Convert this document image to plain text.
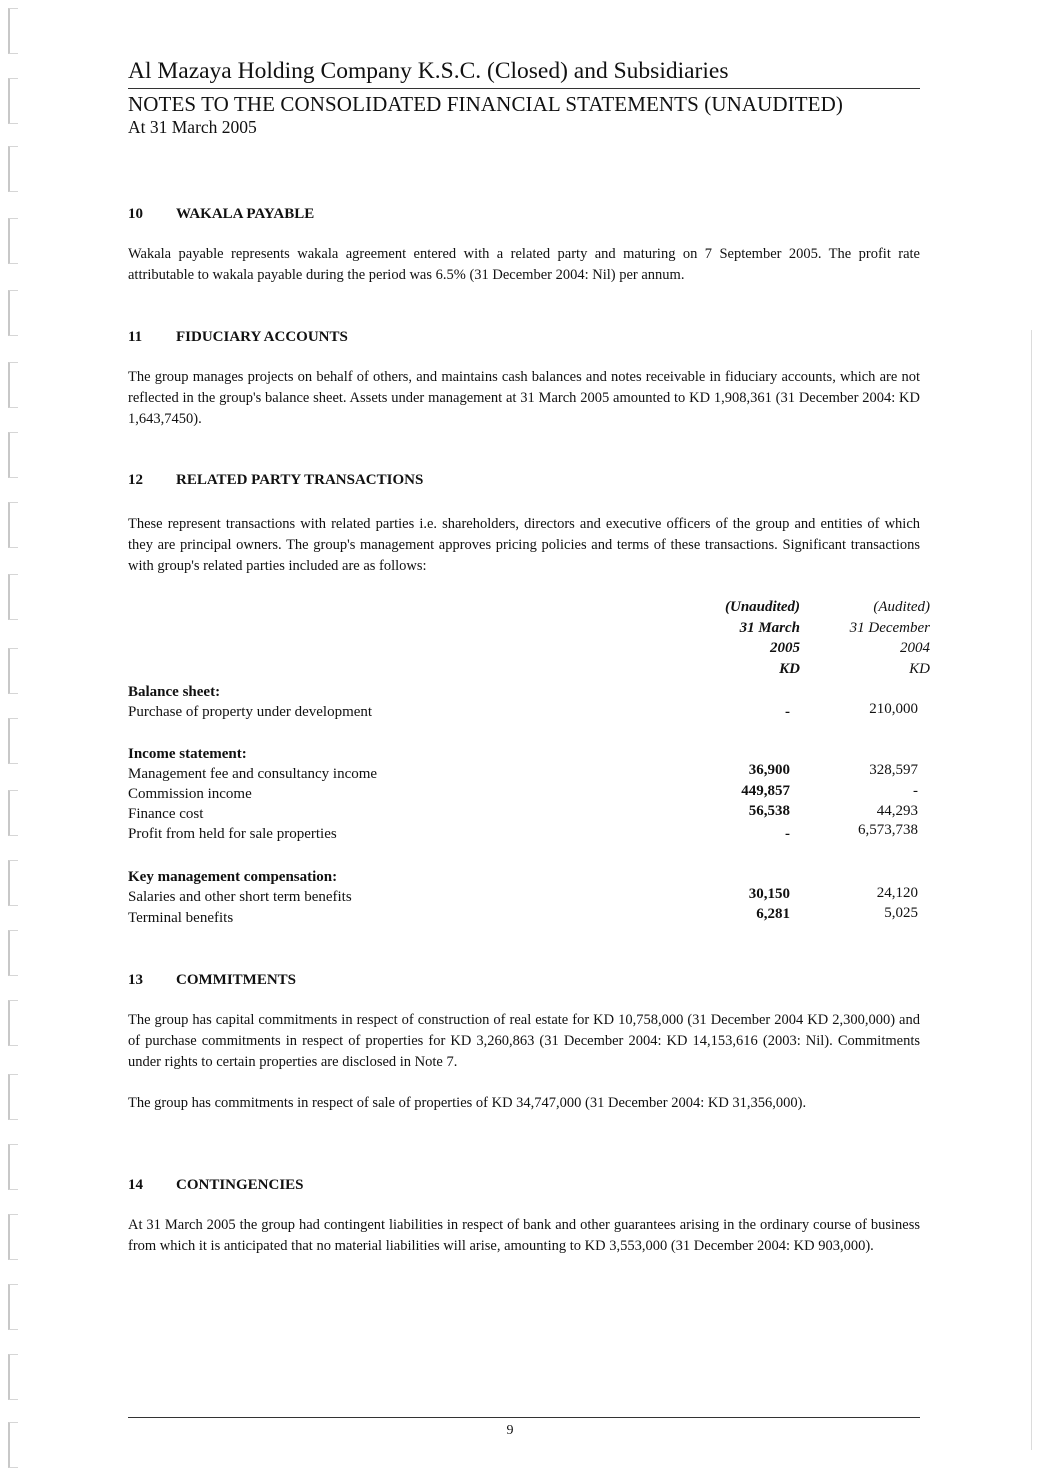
Al Mazaya Holding Company K.S.C. (Closed) and Subsidiaries
NOTES TO THE CONSOLIDATED FINANCIAL STATEMENTS (UNAUDITED)
At 31 March 2005
10 WAKALA PAYABLE

Wakala payable represents wakala agreement entered with a related party and maturing on 7 September 2005. The profit rate attributable to wakala payable during the period was 6.5% (31 December 2004: Nil) per annum.

11 FIDUCIARY ACCOUNTS

The group manages projects on behalf of others, and maintains cash balances and notes receivable in fiduciary accounts, which are not reflected in the group's balance sheet. Assets under management at 31 March 2005 amounted to KD 1,908,361 (31 December 2004: KD 1,643,7450).

12 RELATED PARTY TRANSACTIONS

These represent transactions with related parties i.e. shareholders, directors and executive officers of the group and entities of which they are principal owners. The group's management approves pricing policies and terms of these transactions. Significant transactions with group's related parties included are as follows:

(Unaudited)
31 March
2005
KD
(Audited)
31 December
2004
KD
Balance sheet:
Purchase of property under development	-	210,000
Income statement:
Management fee and consultancy income	36,900	328,597
Commission income	449,857	-
Finance cost	56,538	44,293
Profit from held for sale properties	-	6,573,738
Key management compensation:
Salaries and other short term benefits	30,150	24,120
Terminal benefits	6,281	5,025
13 COMMITMENTS

The group has capital commitments in respect of construction of real estate for KD 10,758,000 (31 December 2004 KD 2,300,000) and of purchase commitments in respect of properties for KD 3,260,863 (31 December 2004: KD 14,153,616 (2003: Nil). Commitments under rights to certain properties are disclosed in Note 7.

The group has commitments in respect of sale of properties of KD 34,747,000 (31 December 2004: KD 31,356,000).

14 CONTINGENCIES

At 31 March 2005 the group had contingent liabilities in respect of bank and other guarantees arising in the ordinary course of business from which it is anticipated that no material liabilities will arise, amounting to KD 3,553,000 (31 December 2004: KD 903,000).

9
